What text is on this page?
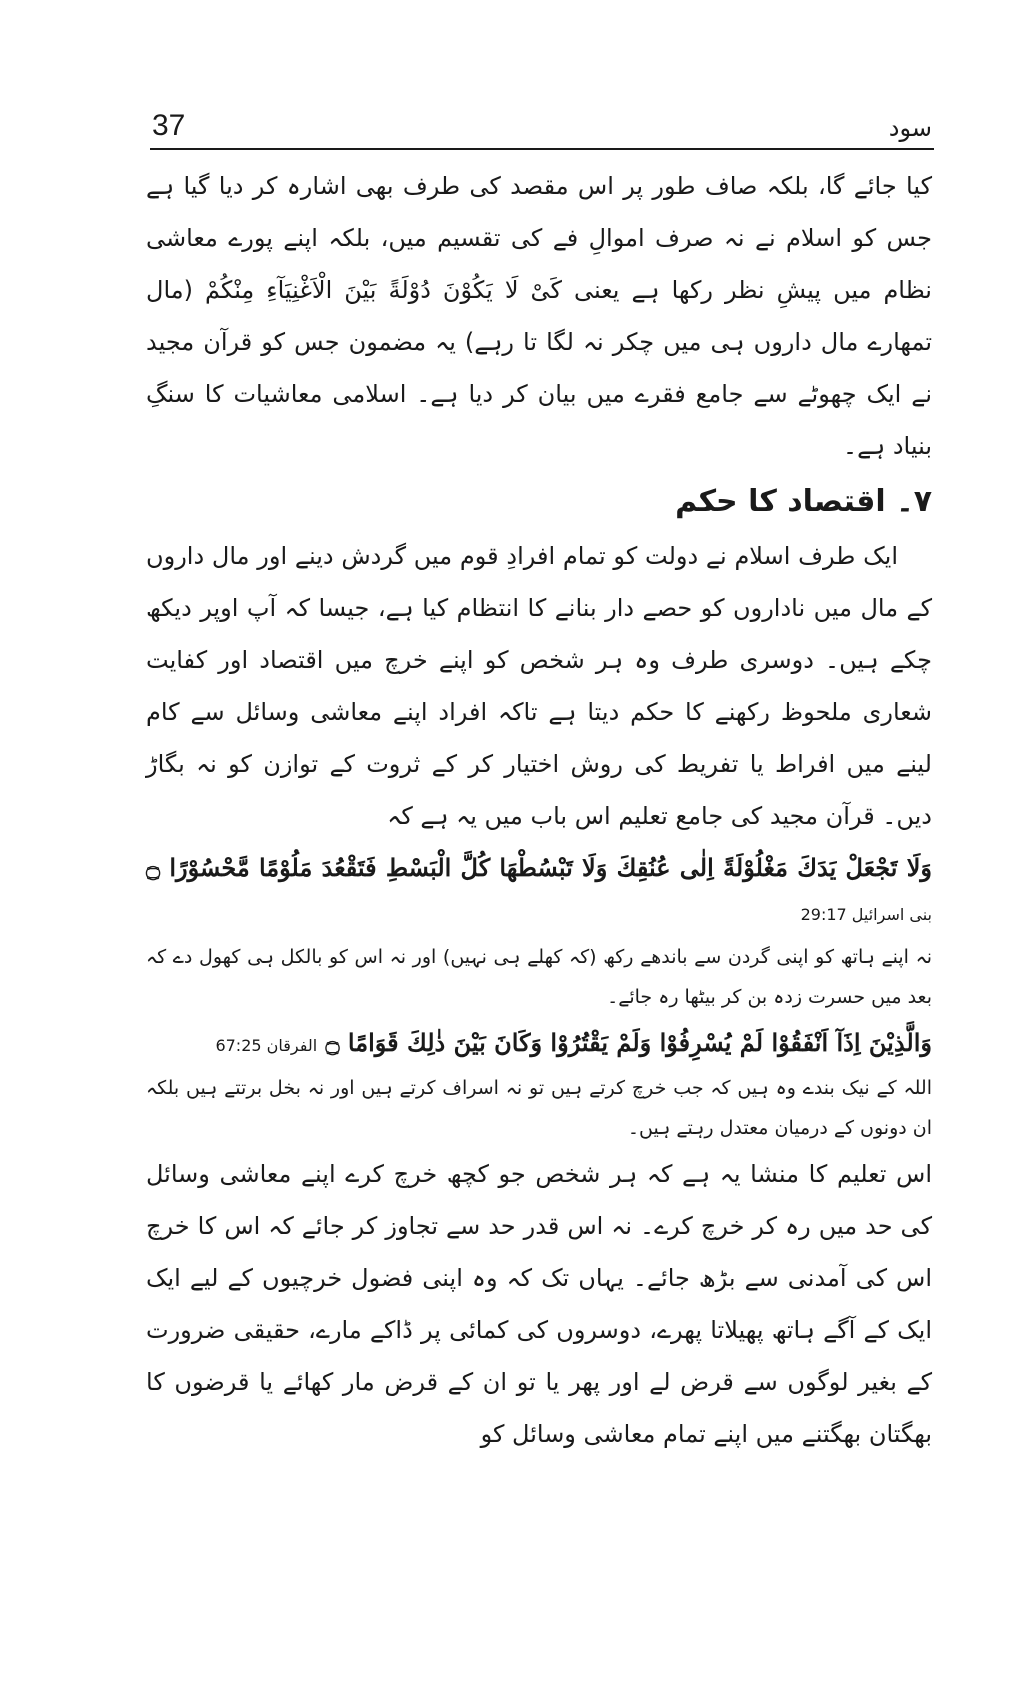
37	سود

کیا جائے گا، بلکہ صاف طور پر اس مقصد کی طرف بھی اشارہ کر دیا گیا ہے جس کو اسلام نے نہ صرف اموالِ فے کی تقسیم میں، بلکہ اپنے پورے معاشی نظام میں پیشِ نظر رکھا ہے یعنی کَیْ لَا یَکُوْنَ دُوْلَةً بَیْنَ الْاَغْنِیَآءِ مِنْکُمْ (مال تمھارے مال داروں ہی میں چکر نہ لگا تا رہے) یہ مضمون جس کو قرآن مجید نے ایک چھوٹے سے جامع فقرے میں بیان کر دیا ہے۔ اسلامی معاشیات کا سنگِ بنیاد ہے۔

۷۔ اقتصاد کا حکم

ایک طرف اسلام نے دولت کو تمام افرادِ قوم میں گردش دینے اور مال داروں کے مال میں ناداروں کو حصے دار بنانے کا انتظام کیا ہے، جیسا کہ آپ اوپر دیکھ چکے ہیں۔ دوسری طرف وہ ہر شخص کو اپنے خرچ میں اقتصاد اور کفایت شعاری ملحوظ رکھنے کا حکم دیتا ہے تاکہ افراد اپنے معاشی وسائل سے کام لینے میں افراط یا تفریط کی روش اختیار کر کے ثروت کے توازن کو نہ بگاڑ دیں۔ قرآن مجید کی جامع تعلیم اس باب میں یہ ہے کہ

وَلَا تَجْعَلْ یَدَكَ مَغْلُوْلَةً اِلٰى عُنُقِكَ وَلَا تَبْسُطْهَا كُلَّ الْبَسْطِ فَتَقْعُدَ مَلُوْمًا مَّحْسُوْرًا ۝ بنی اسرائیل 29:17

نہ اپنے ہاتھ کو اپنی گردن سے باندھے رکھ (کہ کھلے ہی نہیں) اور نہ اس کو بالکل ہی کھول دے کہ بعد میں حسرت زدہ بن کر بیٹھا رہ جائے۔

وَالَّذِیْنَ اِذَآ اَنْفَقُوْا لَمْ یُسْرِفُوْا وَلَمْ یَقْتُرُوْا وَكَانَ بَیْنَ ذٰلِكَ قَوَامًا ۝ الفرقان 67:25

اللہ کے نیک بندے وہ ہیں کہ جب خرچ کرتے ہیں تو نہ اسراف کرتے ہیں اور نہ بخل برتتے ہیں بلکہ ان دونوں کے درمیان معتدل رہتے ہیں۔

اس تعلیم کا منشا یہ ہے کہ ہر شخص جو کچھ خرچ کرے اپنے معاشی وسائل کی حد میں رہ کر خرچ کرے۔ نہ اس قدر حد سے تجاوز کر جائے کہ اس کا خرچ اس کی آمدنی سے بڑھ جائے۔ یہاں تک کہ وہ اپنی فضول خرچیوں کے لیے ایک ایک کے آگے ہاتھ پھیلاتا پھرے، دوسروں کی کمائی پر ڈاکے مارے، حقیقی ضرورت کے بغیر لوگوں سے قرض لے اور پھر یا تو ان کے قرض مار کھائے یا قرضوں کا بھگتان بھگتنے میں اپنے تمام معاشی وسائل کو
